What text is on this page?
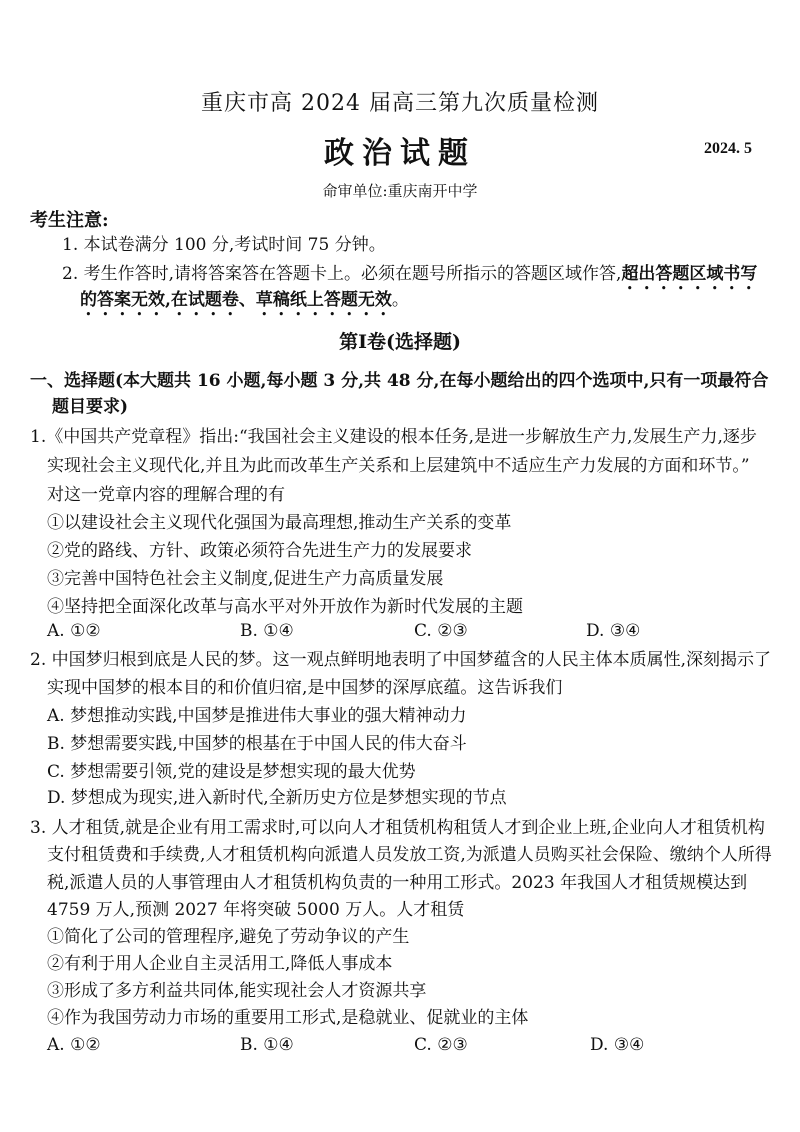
重庆市高 2024 届高三第九次质量检测
政治试题	2024. 5
命审单位:重庆南开中学
考生注意:
1. 本试卷满分 100 分,考试时间 75 分钟。
2. 考生作答时,请将答案答在答题卡上。必须在题号所指示的答题区域作答,超出答题区域书写
的答案无效,在试题卷、草稿纸上答题无效。
第Ⅰ卷(选择题)
一、选择题(本大题共 16 小题,每小题 3 分,共 48 分,在每小题给出的四个选项中,只有一项最符合
题目要求)
1.《中国共产党章程》指出:“我国社会主义建设的根本任务,是进一步解放生产力,发展生产力,逐步
实现社会主义现代化,并且为此而改革生产关系和上层建筑中不适应生产力发展的方面和环节。”
对这一党章内容的理解合理的有
①以建设社会主义现代化强国为最高理想,推动生产关系的变革
②党的路线、方针、政策必须符合先进生产力的发展要求
③完善中国特色社会主义制度,促进生产力高质量发展
④坚持把全面深化改革与高水平对外开放作为新时代发展的主题
A. ①②	B. ①④	C. ②③	D. ③④
2. 中国梦归根到底是人民的梦。这一观点鲜明地表明了中国梦蕴含的人民主体本质属性,深刻揭示了
实现中国梦的根本目的和价值归宿,是中国梦的深厚底蕴。这告诉我们
A. 梦想推动实践,中国梦是推进伟大事业的强大精神动力
B. 梦想需要实践,中国梦的根基在于中国人民的伟大奋斗
C. 梦想需要引领,党的建设是梦想实现的最大优势
D. 梦想成为现实,进入新时代,全新历史方位是梦想实现的节点
3. 人才租赁,就是企业有用工需求时,可以向人才租赁机构租赁人才到企业上班,企业向人才租赁机构
支付租赁费和手续费,人才租赁机构向派遣人员发放工资,为派遣人员购买社会保险、缴纳个人所得
税,派遣人员的人事管理由人才租赁机构负责的一种用工形式。2023 年我国人才租赁规模达到
4759 万人,预测 2027 年将突破 5000 万人。人才租赁
①简化了公司的管理程序,避免了劳动争议的产生
②有利于用人企业自主灵活用工,降低人事成本
③形成了多方利益共同体,能实现社会人才资源共享
④作为我国劳动力市场的重要用工形式,是稳就业、促就业的主体
A. ①②	B. ①④	C. ②③	D. ③④
